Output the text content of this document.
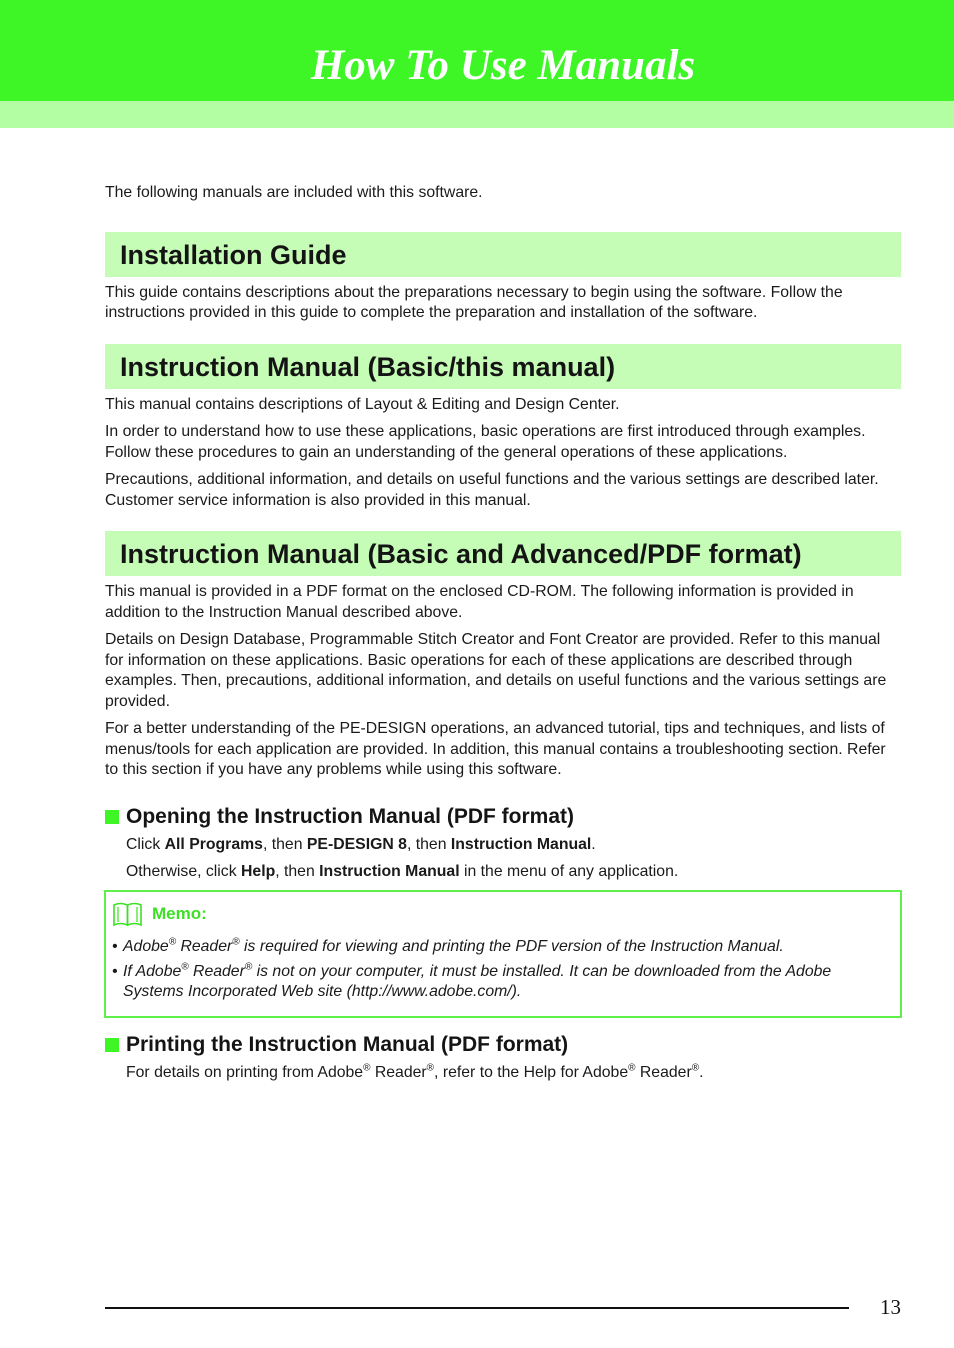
How To Use Manuals

The following manuals are included with this software.

Installation Guide

This guide contains descriptions about the preparations necessary to begin using the software. Follow the instructions provided in this guide to complete the preparation and installation of the software.

Instruction Manual (Basic/this manual)

This manual contains descriptions of Layout & Editing and Design Center.

In order to understand how to use these applications, basic operations are first introduced through examples. Follow these procedures to gain an understanding of the general operations of these applications.

Precautions, additional information, and details on useful functions and the various settings are described later. Customer service information is also provided in this manual.

Instruction Manual (Basic and Advanced/PDF format)

This manual is provided in a PDF format on the enclosed CD-ROM. The following information is provided in addition to the Instruction Manual described above.

Details on Design Database, Programmable Stitch Creator and Font Creator are provided. Refer to this manual for information on these applications. Basic operations for each of these applications are described through examples. Then, precautions, additional information, and details on useful functions and the various settings are provided.

For a better understanding of the PE-DESIGN operations, an advanced tutorial, tips and techniques, and lists of menus/tools for each application are provided. In addition, this manual contains a troubleshooting section. Refer to this section if you have any problems while using this software.

Opening the Instruction Manual (PDF format)

Click All Programs, then PE-DESIGN 8, then Instruction Manual.

Otherwise, click Help, then Instruction Manual in the menu of any application.

Memo:
• Adobe® Reader® is required for viewing and printing the PDF version of the Instruction Manual.
• If Adobe® Reader® is not on your computer, it must be installed. It can be downloaded from the Adobe Systems Incorporated Web site (http://www.adobe.com/).
Printing the Instruction Manual (PDF format)

For details on printing from Adobe® Reader®, refer to the Help for Adobe® Reader®.

13
